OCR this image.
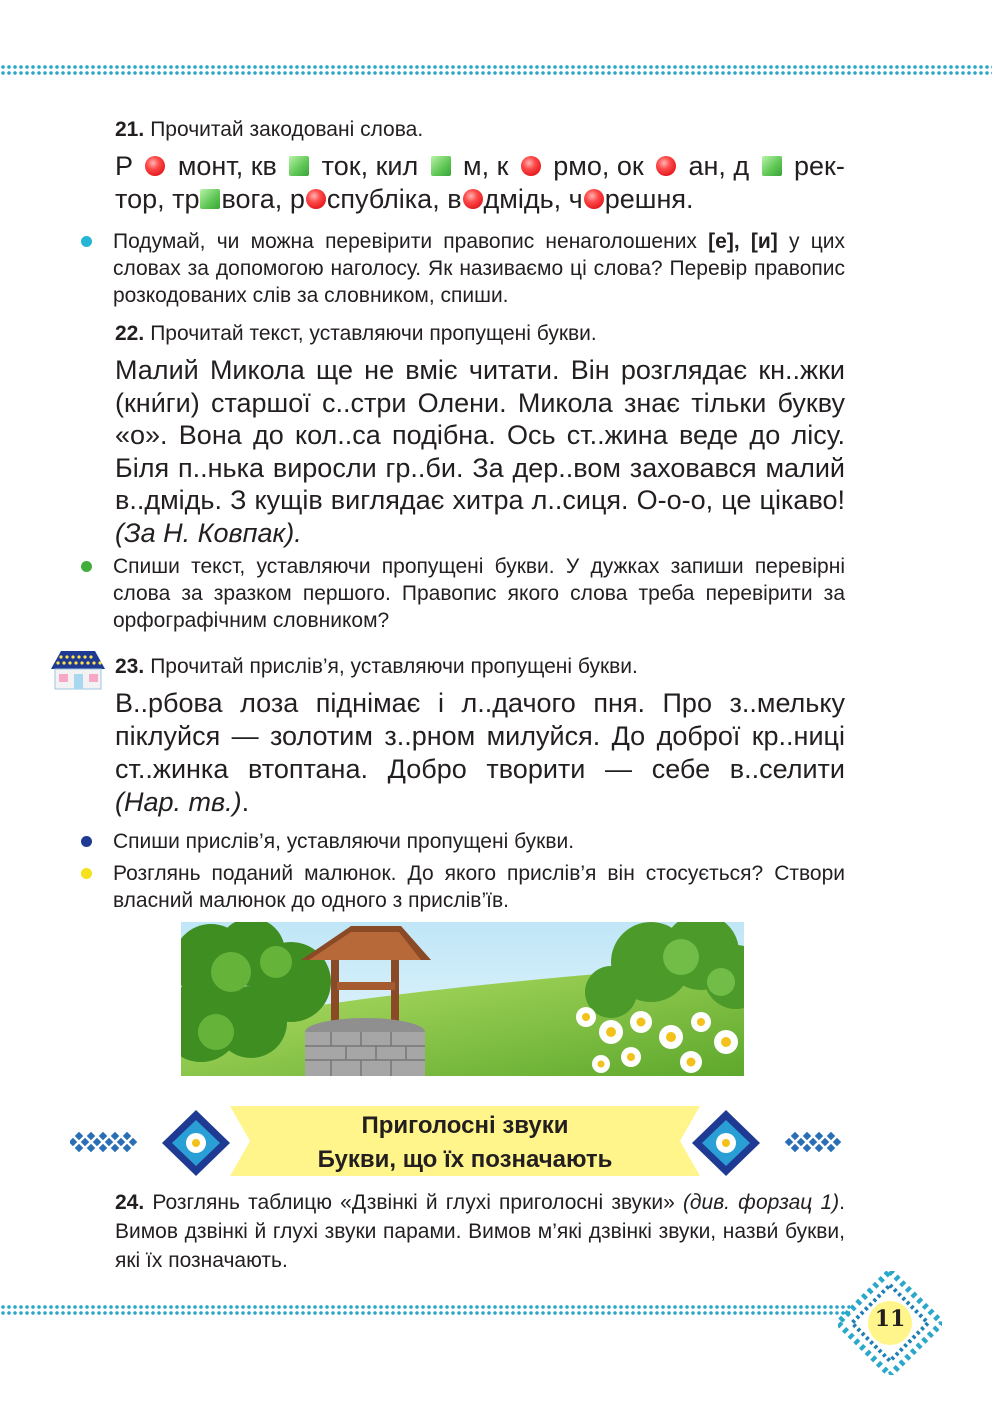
21. Прочитай закодовані слова.
Р монт, кв ток, кил м, к рмо, ок ан, д рек-
тор, тр вога, р спубліка, в дмідь, ч решня.
Подумай, чи можна перевірити правопис ненаголошених [е], [и] у цих словах за допомогою наголосу. Як називаємо ці слова? Перевір правопис розкодованих слів за словником, спиши.
22. Прочитай текст, уставляючи пропущені букви.
Малий Микола ще не вміє читати. Він розглядає кн..жки (кни́ги) старшої с..стри Олени. Микола знає тільки букву «о». Вона до кол..са подібна. Ось ст..жина веде до лісу. Біля п..нька виросли гр..би. За дер..вом заховався малий в..дмідь. З кущів виглядає хитра л..сиця. О-о-о, це цікаво! (За Н. Ковпак).
Спиши текст, уставляючи пропущені букви. У дужках запиши перевірні слова за зразком першого. Правопис якого слова треба перевірити за орфографічним словником?
23. Прочитай прислів’я, уставляючи пропущені букви.
В..рбова лоза піднімає і л..дачого пня. Про з..мельку піклуйся — золотим з..рном милуйся. До доброї кр..ниці ст..жинка втоптана. Добро творити — себе в..селити (Нар. тв.).
Спиши прислів’я, уставляючи пропущені букви.
Розглянь поданий малюнок. До якого прислів’я він стосується? Створи власний малюнок до одного з прислів’їв.
Приголосні звуки
Букви, що їх позначають
24. Розглянь таблицю «Дзвінкі й глухі приголосні звуки» (див. форзац 1). Вимов дзвінкі й глухі звуки парами. Вимов м’які дзвінкі звуки, назви́ букви, які їх позначають.
11
